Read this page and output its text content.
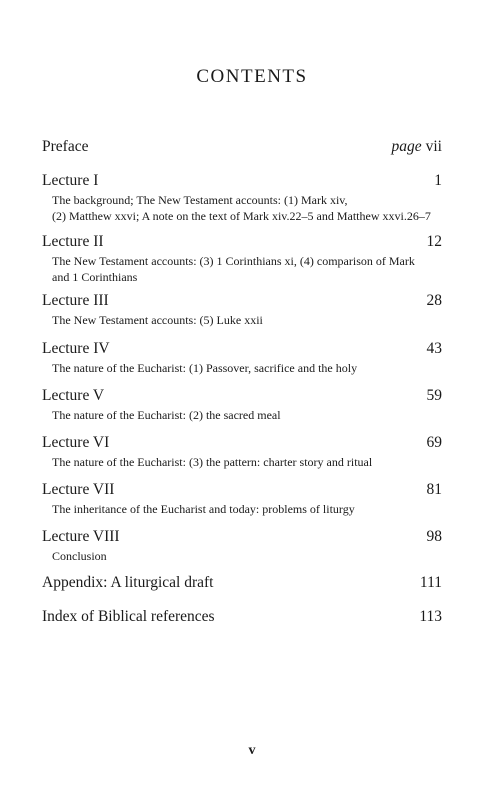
CONTENTS
Preface	page vii
Lecture I	1
The background; The New Testament accounts: (1) Mark xiv,
(2) Matthew xxvi; A note on the text of Mark xiv.22–5 and Matthew xxvi.26–7
Lecture II	12
The New Testament accounts: (3) 1 Corinthians xi, (4) comparison of Mark
and 1 Corinthians
Lecture III	28
The New Testament accounts: (5) Luke xxii
Lecture IV	43
The nature of the Eucharist: (1) Passover, sacrifice and the holy
Lecture V	59
The nature of the Eucharist: (2) the sacred meal
Lecture VI	69
The nature of the Eucharist: (3) the pattern: charter story and ritual
Lecture VII	81
The inheritance of the Eucharist and today: problems of liturgy
Lecture VIII	98
Conclusion
Appendix: A liturgical draft	111
Index of Biblical references	113
v
